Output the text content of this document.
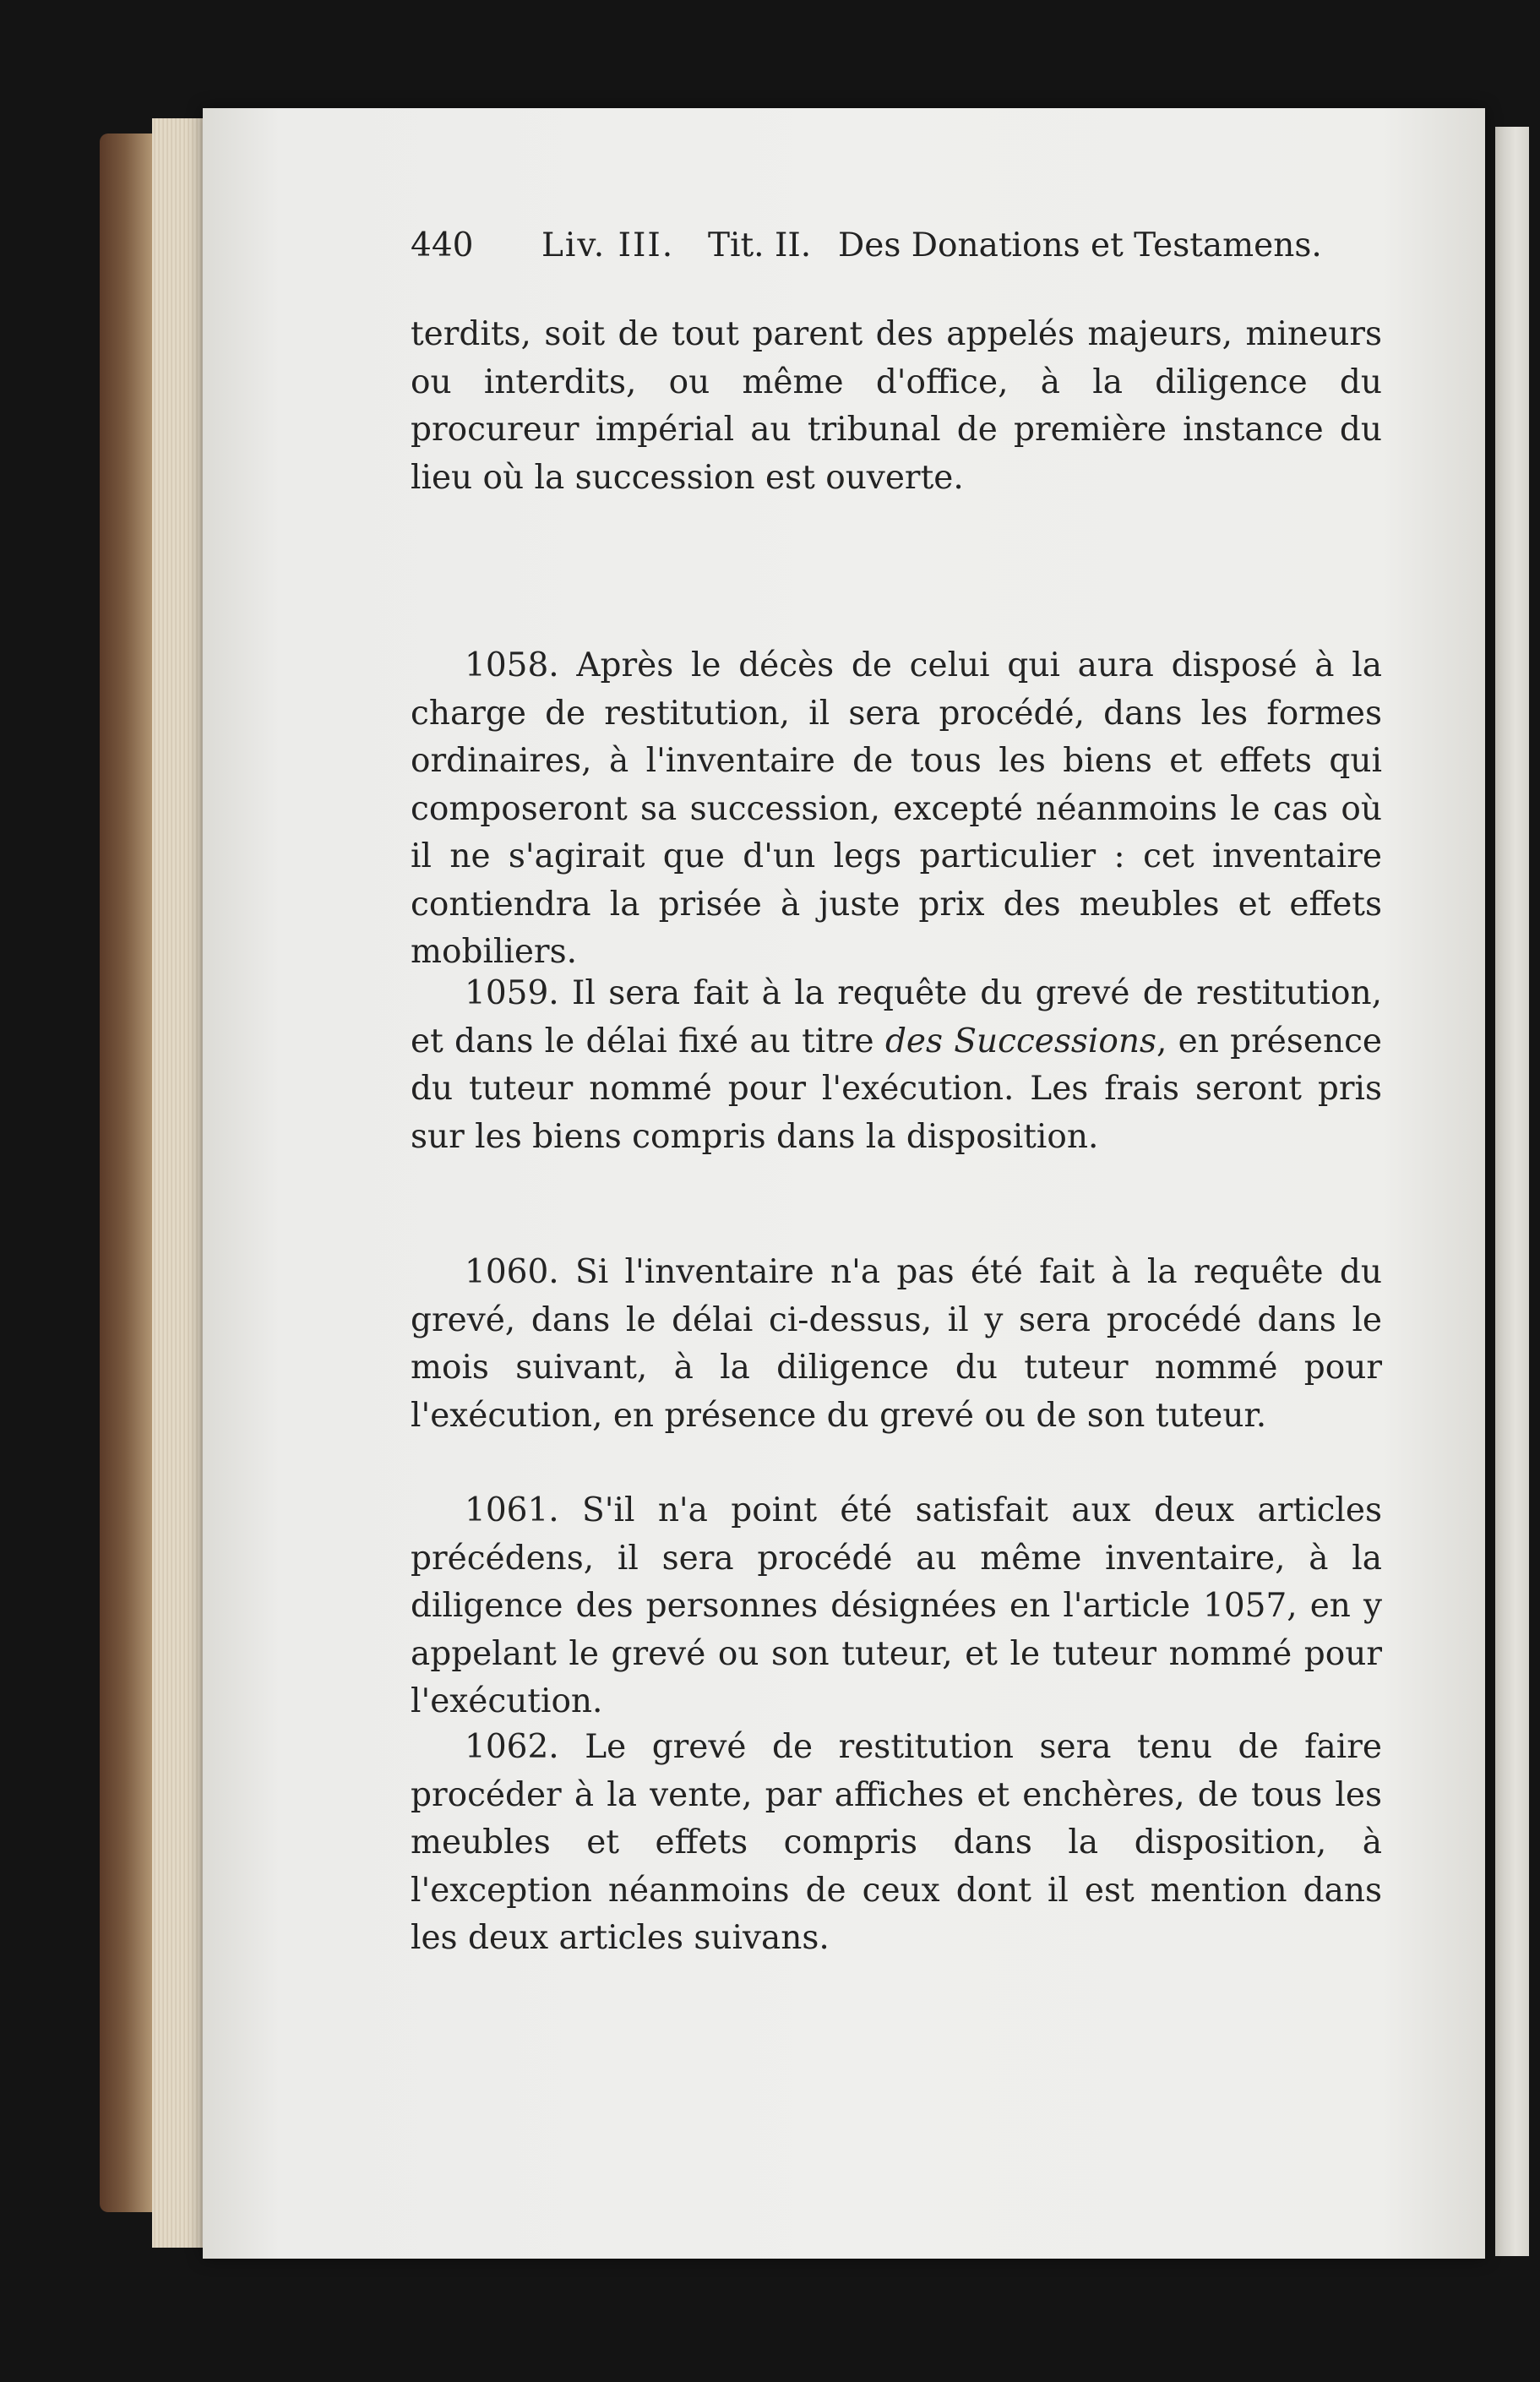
440 Liv. III. Tit. II. Des Donations et Testamens.
terdits, soit de tout parent des appelés majeurs, mineurs ou interdits, ou même d'office, à la diligence du procureur impérial au tribunal de première instance du lieu où la succession est ouverte.
1058. Après le décès de celui qui aura disposé à la charge de restitution, il sera procédé, dans les formes ordinaires, à l'inventaire de tous les biens et effets qui composeront sa succession, excepté néanmoins le cas où il ne s'agirait que d'un legs particulier : cet inventaire contiendra la prisée à juste prix des meubles et effets mobiliers.
1059. Il sera fait à la requête du grevé de restitution, et dans le délai fixé au titre des Successions, en présence du tuteur nommé pour l'exécution. Les frais seront pris sur les biens compris dans la disposition.
1060. Si l'inventaire n'a pas été fait à la requête du grevé, dans le délai ci-dessus, il y sera procédé dans le mois suivant, à la diligence du tuteur nommé pour l'exécution, en présence du grevé ou de son tuteur.
1061. S'il n'a point été satisfait aux deux articles précédens, il sera procédé au même inventaire, à la diligence des personnes désignées en l'article 1057, en y appelant le grevé ou son tuteur, et le tuteur nommé pour l'exécution.
1062. Le grevé de restitution sera tenu de faire procéder à la vente, par affiches et enchères, de tous les meubles et effets compris dans la disposition, à l'exception néanmoins de ceux dont il est mention dans les deux articles suivans.
